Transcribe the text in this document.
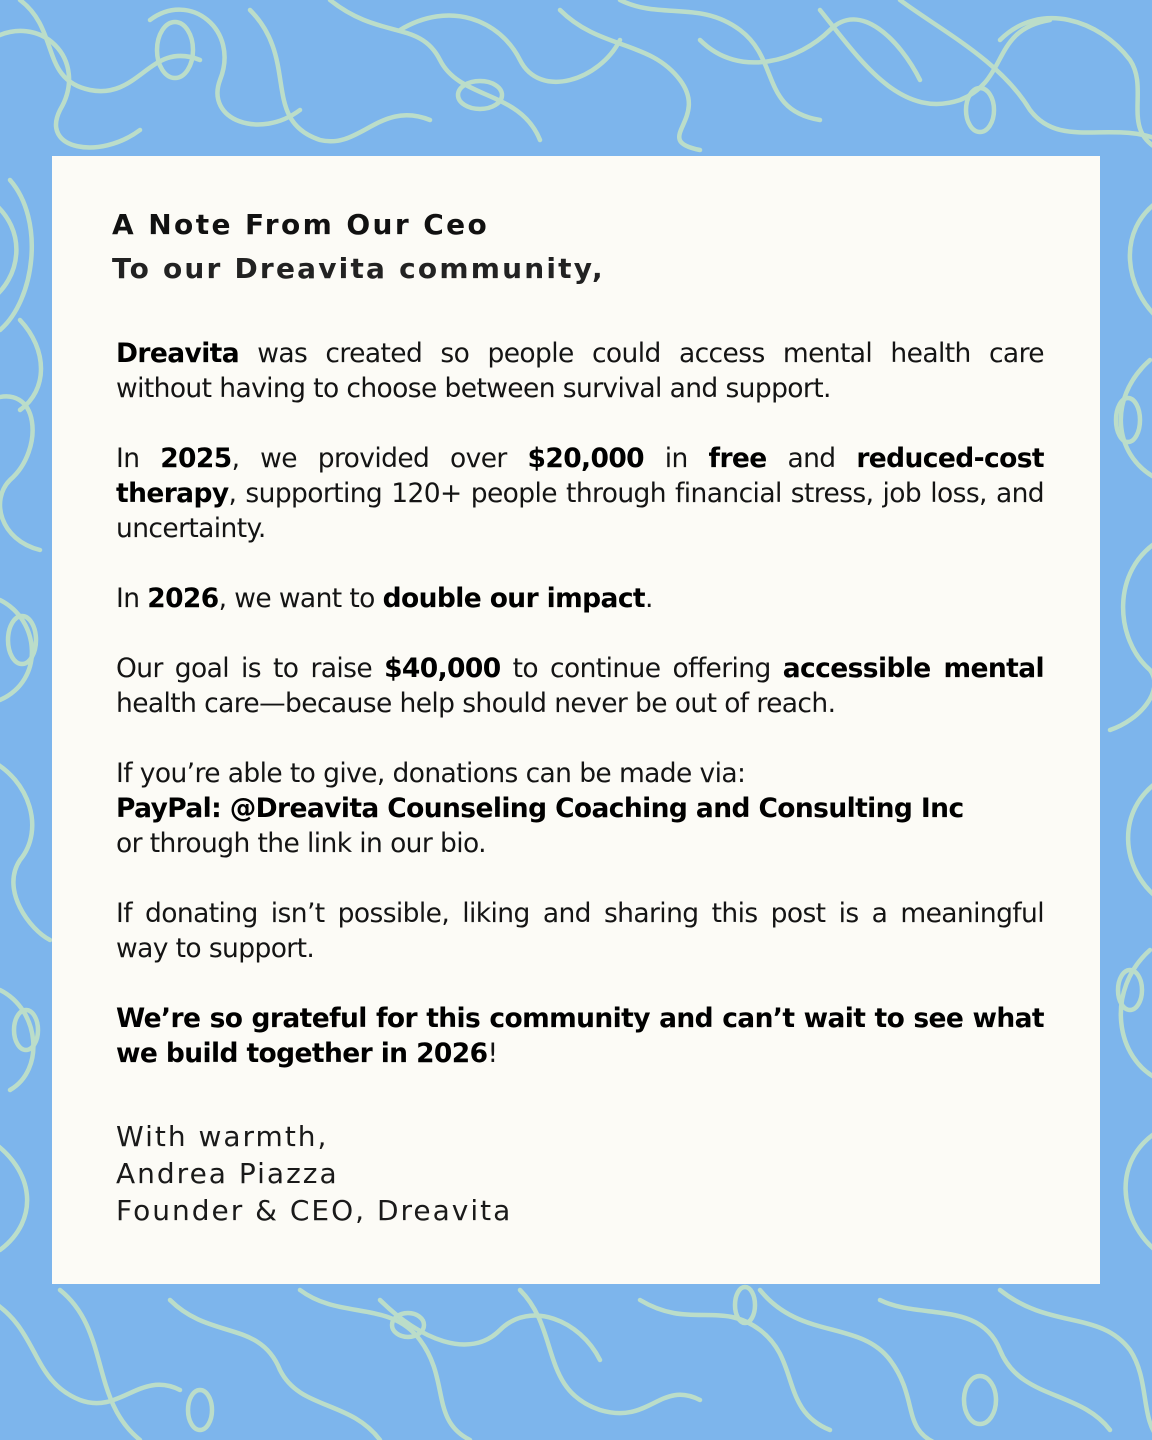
A Note From Our Ceo
To our Dreavita community,

Dreavita was created so people could access mental health care without having to choose between survival and support.

In 2025, we provided over $20,000 in free and reduced-cost therapy, supporting 120+ people through financial stress, job loss, and uncertainty.

In 2026, we want to double our impact.

Our goal is to raise $40,000 to continue offering accessible mental health care—because help should never be out of reach.

If you’re able to give, donations can be made via:
PayPal: @Dreavita Counseling Coaching and Consulting Inc
or through the link in our bio.

If donating isn’t possible, liking and sharing this post is a meaningful way to support.

We’re so grateful for this community and can’t wait to see what we build together in 2026!

With warmth,
Andrea Piazza
Founder & CEO, Dreavita
